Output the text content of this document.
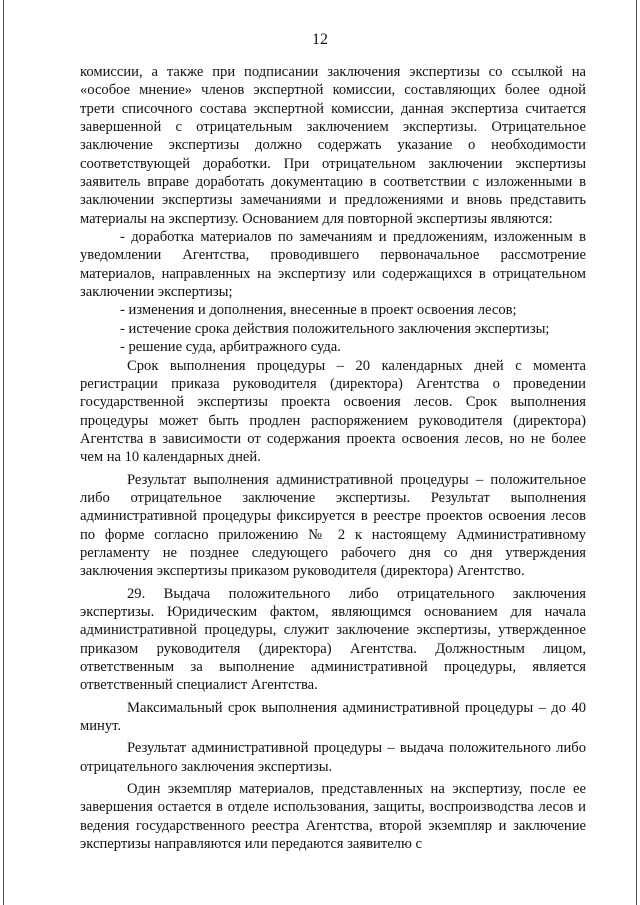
12

комиссии, а также при подписании заключения экспертизы со ссылкой на «особое мнение» членов экспертной комиссии, составляющих более одной трети списочного состава экспертной комиссии, данная экспертиза считается завершенной с отрицательным заключением экспертизы. Отрицательное заключение экспертизы должно содержать указание о необходимости соответствующей доработки. При отрицательном заключении экспертизы заявитель вправе доработать документацию в соответствии с изложенными в заключении экспертизы замечаниями и предложениями и вновь представить материалы на экспертизу. Основанием для повторной экспертизы являются:

- доработка материалов по замечаниям и предложениям, изложенным в уведомлении Агентства, проводившего первоначальное рассмотрение материалов, направленных на экспертизу или содержащихся в отрицательном заключении экспертизы;

- изменения и дополнения, внесенные в проект освоения лесов;

- истечение срока действия положительного заключения экспертизы;

- решение суда, арбитражного суда.

Срок выполнения процедуры – 20 календарных дней с момента регистрации приказа руководителя (директора) Агентства о проведении государственной экспертизы проекта освоения лесов. Срок выполнения процедуры может быть продлен распоряжением руководителя (директора) Агентства в зависимости от содержания проекта освоения лесов, но не более чем на 10 календарных дней.

Результат выполнения административной процедуры – положительное либо отрицательное заключение экспертизы. Результат выполнения административной процедуры фиксируется в реестре проектов освоения лесов по форме согласно приложению № 2 к настоящему Административному регламенту не позднее следующего рабочего дня со дня утверждения заключения экспертизы приказом руководителя (директора) Агентство.

29. Выдача положительного либо отрицательного заключения экспертизы. Юридическим фактом, являющимся основанием для начала административной процедуры, служит заключение экспертизы, утвержденное приказом руководителя (директора) Агентства. Должностным лицом, ответственным за выполнение административной процедуры, является ответственный специалист Агентства.

Максимальный срок выполнения административной процедуры – до 40 минут.

Результат административной процедуры – выдача положительного либо отрицательного заключения экспертизы.

Один экземпляр материалов, представленных на экспертизу, после ее завершения остается в отделе использования, защиты, воспроизводства лесов и ведения государственного реестра Агентства, второй экземпляр и заключение экспертизы направляются или передаются заявителю с
